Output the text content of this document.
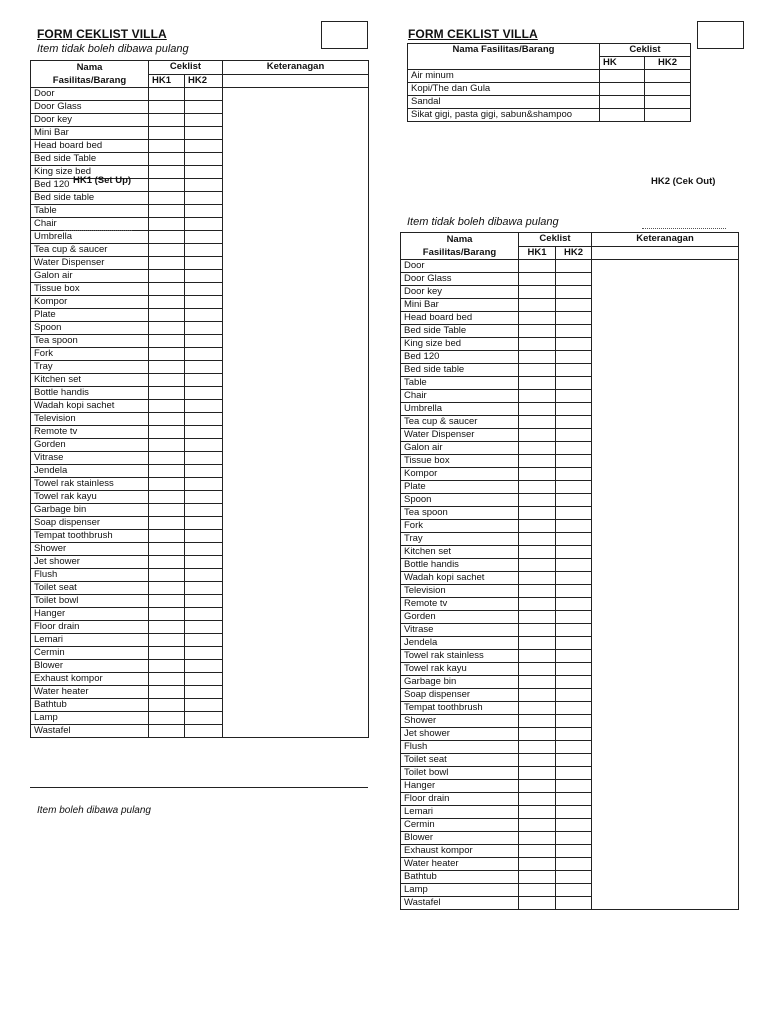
FORM CEKLIST VILLA
Item tidak boleh dibawa pulang
Nama
Fasilitas/Barang	Ceklist		Keteranagan
	HK1	HK2	
Door			
Door Glass			
Door key			
Mini Bar			
Head board bed			
Bed side Table			
King size bed			
Bed 120			
Bed side table			
Table			
Chair			
Umbrella			
Tea cup & saucer			
Water Dispenser			
Galon air			
Tissue box			
Kompor			
Plate			
Spoon			
Tea spoon			
Fork			
Tray			
Kitchen set			
Bottle handis			
Wadah kopi sachet			
Television			
Remote tv			
Gorden			
Vitrase			
Jendela			
Towel rak stainless			
Towel rak kayu			
Garbage bin			
Soap dispenser			
Tempat toothbrush			
Shower			
Jet shower			
Flush			
Toilet seat			
Toilet bowl			
Hanger			
Floor drain			
Lemari			
Cermin			
Blower			
Exhaust kompor			
Water heater			
Bathtub			
Lamp			
Wastafel			
HK1 (Set Up)
Item boleh dibawa pulang
FORM CEKLIST VILLA
Nama Fasilitas/Barang	Ceklist	
	HK	HK2
Air minum		
Kopi/The dan Gula		
Sandal		
Sikat gigi, pasta gigi, sabun&shampoo		
HK2 (Cek Out)
Item tidak boleh dibawa pulang
Nama
Fasilitas/Barang	Ceklist		Keteranagan
	HK1	HK2	
Door			
Door Glass			
Door key			
Mini Bar			
Head board bed			
Bed side Table			
King size bed			
Bed 120			
Bed side table			
Table			
Chair			
Umbrella			
Tea cup & saucer			
Water Dispenser			
Galon air			
Tissue box			
Kompor			
Plate			
Spoon			
Tea spoon			
Fork			
Tray			
Kitchen set			
Bottle handis			
Wadah kopi sachet			
Television			
Remote tv			
Gorden			
Vitrase			
Jendela			
Towel rak stainless			
Towel rak kayu			
Garbage bin			
Soap dispenser			
Tempat toothbrush			
Shower			
Jet shower			
Flush			
Toilet seat			
Toilet bowl			
Hanger			
Floor drain			
Lemari			
Cermin			
Blower			
Exhaust kompor			
Water heater			
Bathtub			
Lamp			
Wastafel			
